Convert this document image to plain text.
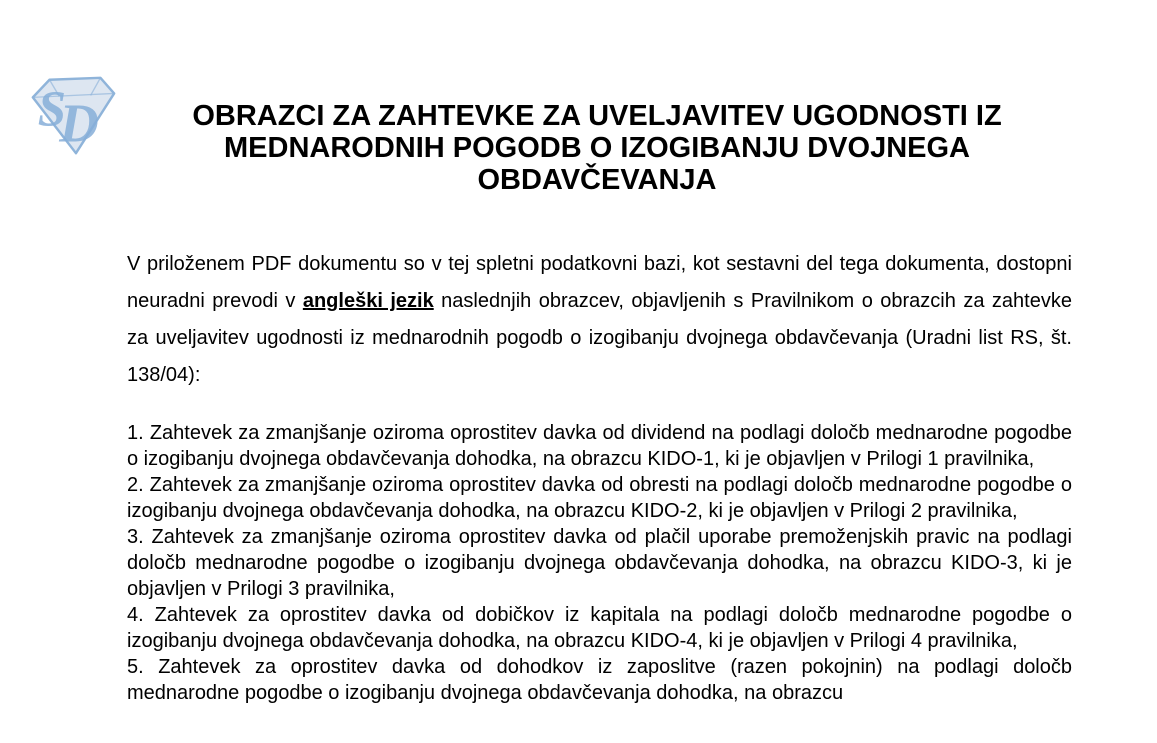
S
D	OBRAZCI ZA ZAHTEVKE ZA UVELJAVITEV UGODNOSTI IZ
MEDNARODNIH POGODB O IZOGIBANJU DVOJNEGA OBDAVČEVANJA

V priloženem PDF dokumentu so v tej spletni podatkovni bazi, kot sestavni del tega dokumenta, dostopni neuradni prevodi v angleški jezik naslednjih obrazcev, objavljenih s Pravilnikom o obrazcih za zahtevke za uveljavitev ugodnosti iz mednarodnih pogodb o izogibanju dvojnega obdavčevanja (Uradni list RS, št. 138/04):

1. Zahtevek za zmanjšanje oziroma oprostitev davka od dividend na podlagi določb mednarodne pogodbe o izogibanju dvojnega obdavčevanja dohodka, na obrazcu KIDO-1, ki je objavljen v Prilogi 1 pravilnika,

2. Zahtevek za zmanjšanje oziroma oprostitev davka od obresti na podlagi določb mednarodne pogodbe o izogibanju dvojnega obdavčevanja dohodka, na obrazcu KIDO-2, ki je objavljen v Prilogi 2 pravilnika,

3. Zahtevek za zmanjšanje oziroma oprostitev davka od plačil uporabe premoženjskih pravic na podlagi določb mednarodne pogodbe o izogibanju dvojnega obdavčevanja dohodka, na obrazcu KIDO-3, ki je objavljen v Prilogi 3 pravilnika,

4. Zahtevek za oprostitev davka od dobičkov iz kapitala na podlagi določb mednarodne pogodbe o izogibanju dvojnega obdavčevanja dohodka, na obrazcu KIDO-4, ki je objavljen v Prilogi 4 pravilnika,

5. Zahtevek za oprostitev davka od dohodkov iz zaposlitve (razen pokojnin) na podlagi določb mednarodne pogodbe o izogibanju dvojnega obdavčevanja dohodka, na obrazcu
